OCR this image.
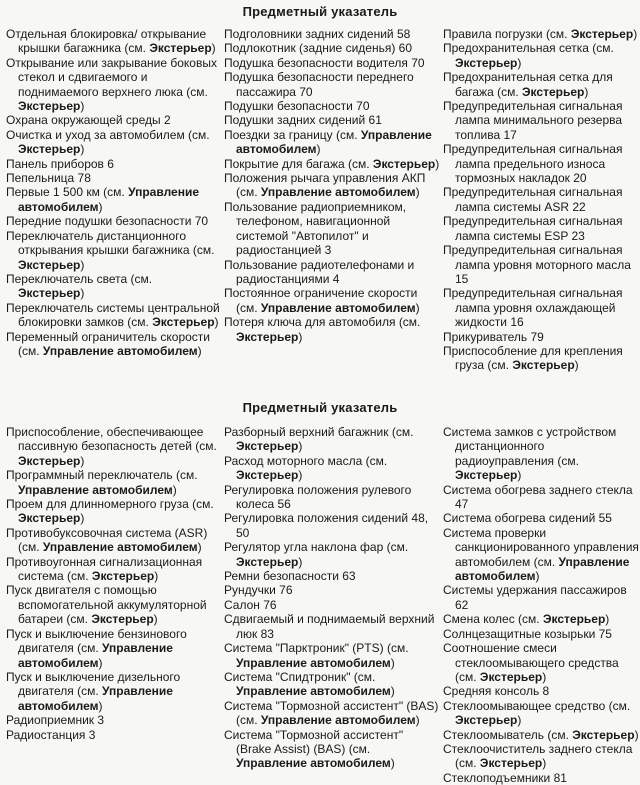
Предметный указатель
Отдельная блокировка/ открывание крышки багажника (см. Экстерьер)
Открывание или закрывание боковых стекол и сдвигаемого и поднимаемого верхнего люка (см. Экстерьер)
Охрана окружающей среды 2
Очистка и уход за автомобилем (см. Экстерьер)
Панель приборов 6
Пепельница 78
Первые 1 500 км (см. Управление автомобилем)
Передние подушки безопасности 70
Переключатель дистанционного открывания крышки багажника (см. Экстерьер)
Переключатель света (см. Экстерьер)
Переключатель системы центральной блокировки замков (см. Экстерьер)
Переменный ограничитель скорости (см. Управление автомобилем)
Подголовники задних сидений 58
Подлокотник (задние сиденья) 60
Подушка безопасности водителя 70
Подушка безопасности переднего пассажира 70
Подушки безопасности 70
Подушки задних сидений 61
Поездки за границу (см. Управление автомобилем)
Покрытие для багажа (см. Экстерьер)
Положения рычага управления АКП (см. Управление автомобилем)
Пользование радиоприемником, телефоном, навигационной системой "Автопилот" и радиостанцией 3
Пользование радиотелефонами и радиостанциями 4
Постоянное ограничение скорости (см. Управление автомобилем)
Потеря ключа для автомобиля (см. Экстерьер)
Правила погрузки (см. Экстерьер)
Предохранительная сетка (см. Экстерьер)
Предохранительная сетка для багажа (см. Экстерьер)
Предупредительная сигнальная лампа минимального резерва топлива 17
Предупредительная сигнальная лампа предельного износа тормозных накладок 20
Предупредительная сигнальная лампа системы ASR 22
Предупредительная сигнальная лампа системы ESP 23
Предупредительная сигнальная лампа уровня моторного масла 15
Предупредительная сигнальная лампа уровня охлаждающей жидкости 16
Прикуриватель 79
Приспособление для крепления груза (см. Экстерьер)
Предметный указатель
Приспособление, обеспечивающее пассивную безопасность детей (см. Экстерьер)
Программный переключатель (см. Управление автомобилем)
Проем для длинномерного груза (см. Экстерьер)
Противобуксовочная система (ASR) (см. Управление автомобилем)
Противоугонная сигнализационная система (см. Экстерьер)
Пуск двигателя с помощью вспомогательной аккумуляторной батареи (см. Экстерьер)
Пуск и выключение бензинового двигателя (см. Управление автомобилем)
Пуск и выключение дизельного двигателя (см. Управление автомобилем)
Радиоприемник 3
Радиостанция 3
Разборный верхний багажник (см. Экстерьер)
Расход моторного масла (см. Экстерьер)
Регулировка положения рулевого колеса 56
Регулировка положения сидений 48, 50
Регулятор угла наклона фар (см. Экстерьер)
Ремни безопасности 63
Рундучки 76
Салон 76
Сдвигаемый и поднимаемый верхний люк 83
Система "Парктроник" (PTS) (см. Управление автомобилем)
Система "Спидтроник" (см. Управление автомобилем)
Система "Тормозной ассистент" (BAS) (см. Управление автомобилем)
Система "Тормозной ассистент" (Brake Assist) (BAS) (см. Управление автомобилем)
Система замков с устройством дистанционного радиоуправления (см. Экстерьер)
Система обогрева заднего стекла 47
Система обогрева сидений 55
Система проверки санкционированного управления автомобилем (см. Управление автомобилем)
Системы удержания пассажиров 62
Смена колес (см. Экстерьер)
Солнцезащитные козырьки 75
Соотношение смеси стеклоомывающего средства (см. Экстерьер)
Средняя консоль 8
Стеклоомывающее средство (см. Экстерьер)
Стеклоомыватель (см. Экстерьер)
Стеклоочиститель заднего стекла (см. Экстерьер)
Стеклоподъемники 81
